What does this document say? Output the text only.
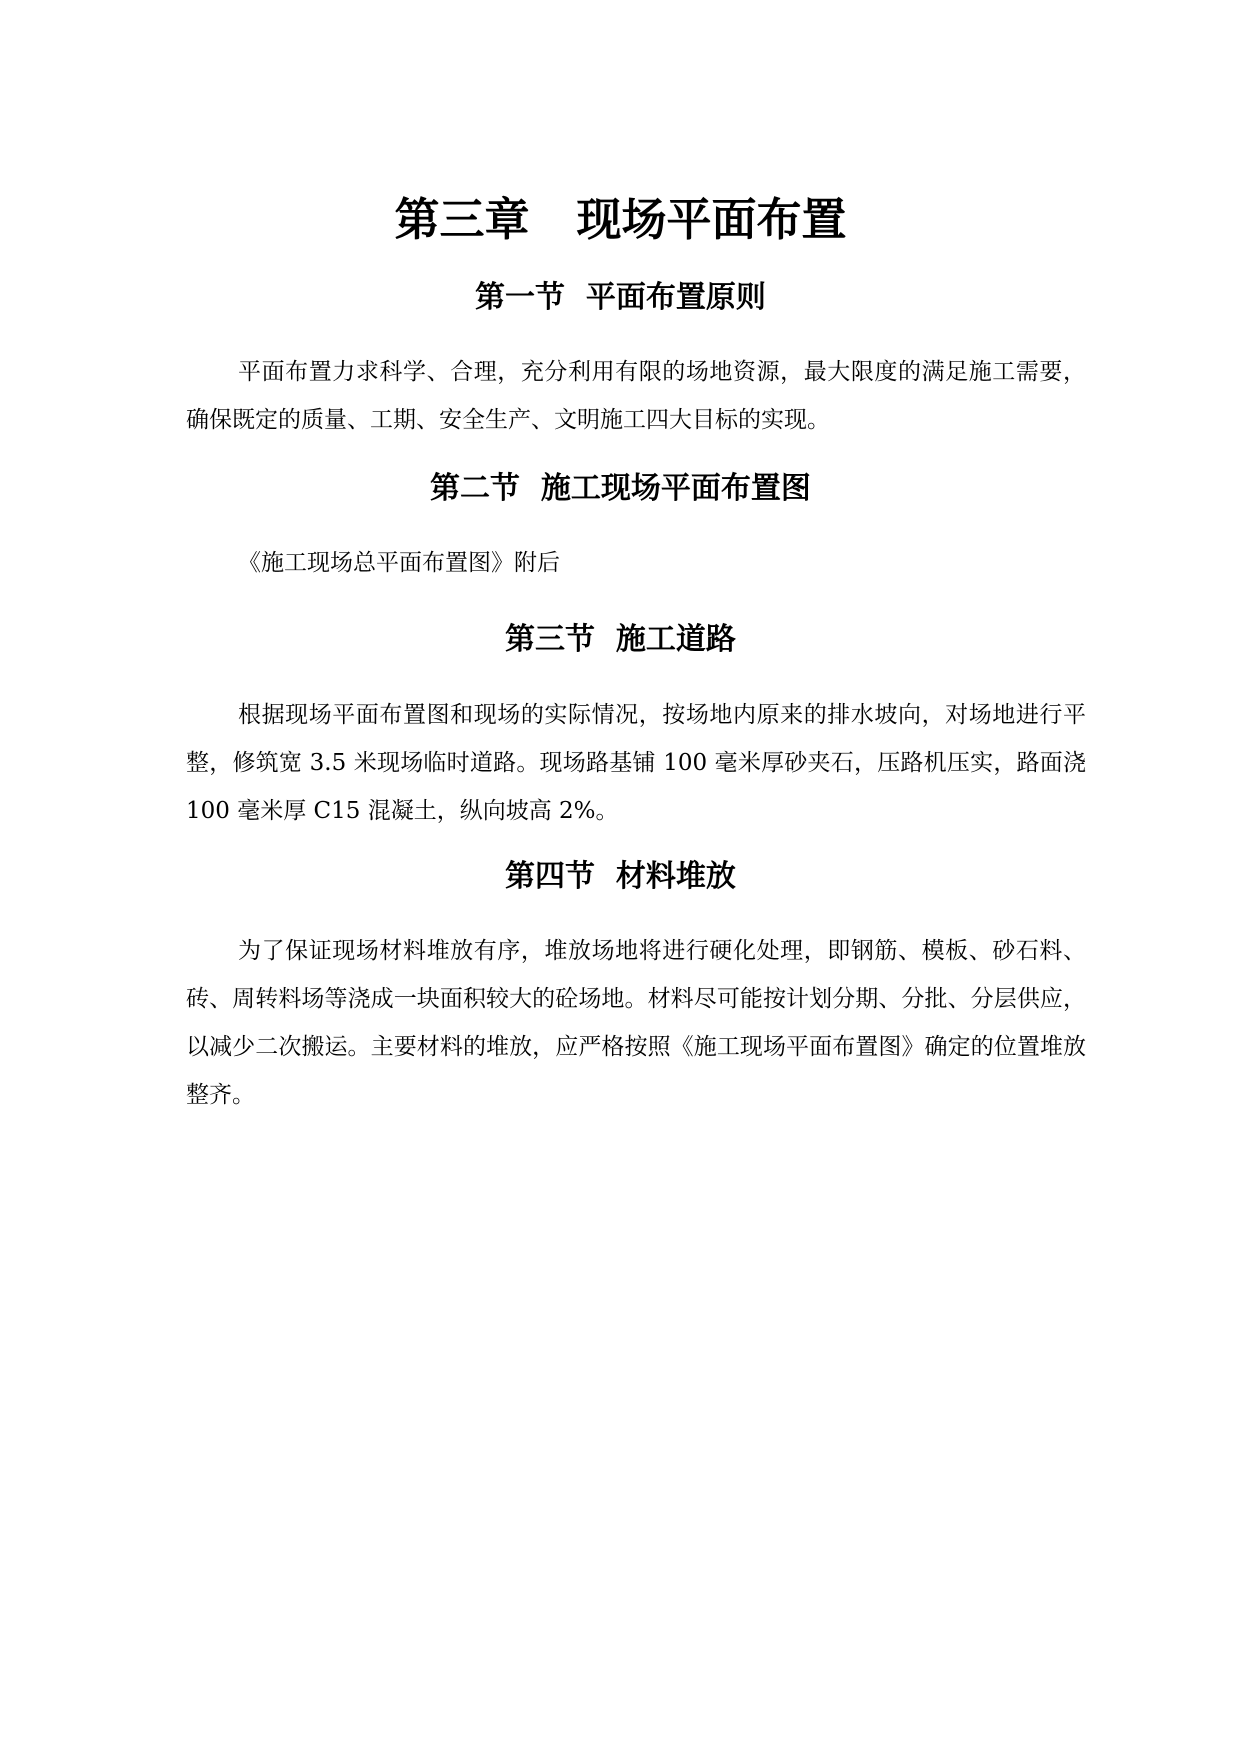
第三章   现场平面布置
第一节  平面布置原则

平面布置力求科学、合理，充分利用有限的场地资源，最大限度的满足施工需要，确保既定的质量、工期、安全生产、文明施工四大目标的实现。

第二节  施工现场平面布置图

《施工现场总平面布置图》附后

第三节  施工道路

根据现场平面布置图和现场的实际情况，按场地内原来的排水坡向，对场地进行平整，修筑宽 3.5 米现场临时道路。现场路基铺 100 毫米厚砂夹石，压路机压实，路面浇 100 毫米厚 C15 混凝土，纵向坡高 2%。

第四节  材料堆放

为了保证现场材料堆放有序，堆放场地将进行硬化处理，即钢筋、模板、砂石料、砖、周转料场等浇成一块面积较大的砼场地。材料尽可能按计划分期、分批、分层供应，以减少二次搬运。主要材料的堆放，应严格按照《施工现场平面布置图》确定的位置堆放整齐。
